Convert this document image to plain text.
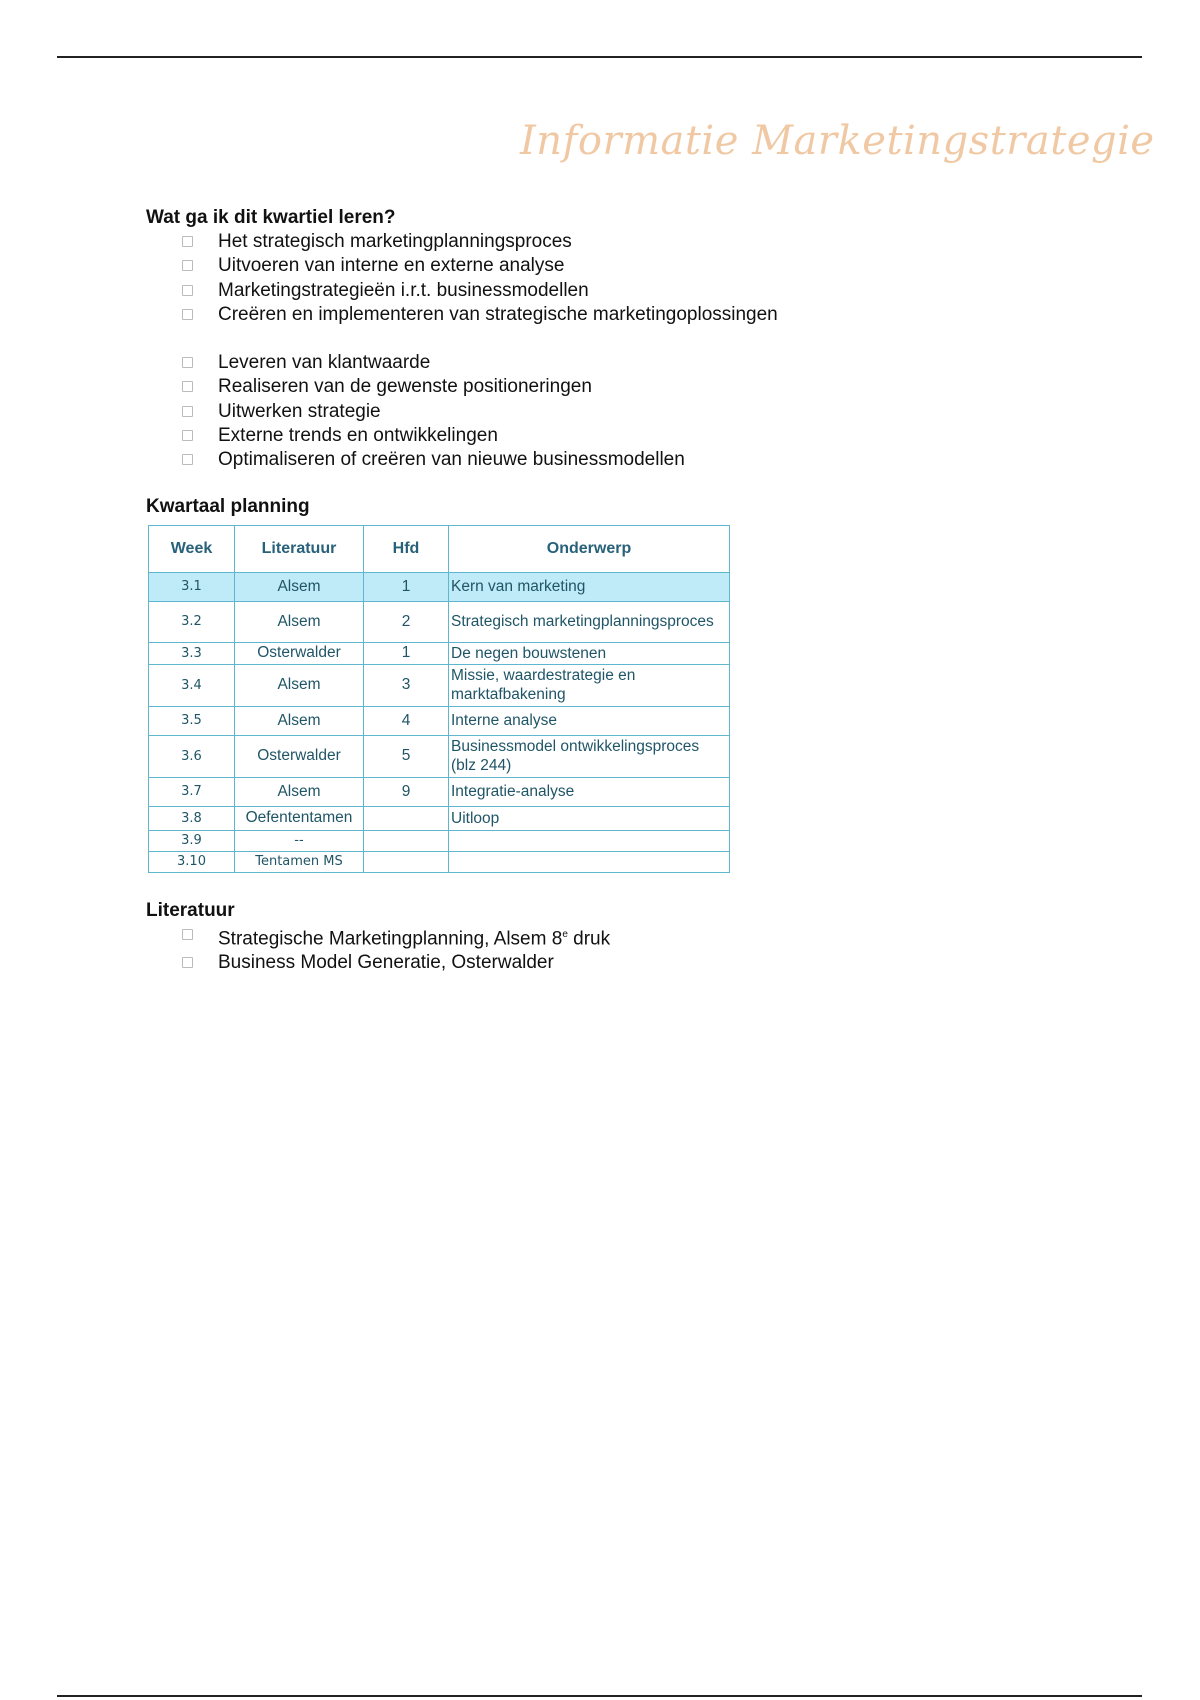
Informatie Marketingstrategie

Wat ga ik dit kwartiel leren?

Het strategisch marketingplanningsproces
Uitvoeren van interne en externe analyse
Marketingstrategieën i.r.t. businessmodellen
Creëren en implementeren van strategische marketingoplossingen
Leveren van klantwaarde
Realiseren van de gewenste positioneringen
Uitwerken strategie
Externe trends en ontwikkelingen
Optimaliseren of creëren van nieuwe businessmodellen

Kwartaal planning

Week	Literatuur	Hfd	Onderwerp
3.1	Alsem	1	Kern van marketing
3.2	Alsem	2	Strategisch marketingplanningsproces
3.3	Osterwalder	1	De negen bouwstenen
3.4	Alsem	3	Missie, waardestrategie en marktafbakening
3.5	Alsem	4	Interne analyse
3.6	Osterwalder	5	Businessmodel ontwikkelingsproces (blz 244)
3.7	Alsem	9	Integratie-analyse
3.8	Oefententamen		Uitloop
3.9	--		
3.10	Tentamen MS		

Literatuur

Strategische Marketingplanning, Alsem 8e druk
Business Model Generatie, Osterwalder
